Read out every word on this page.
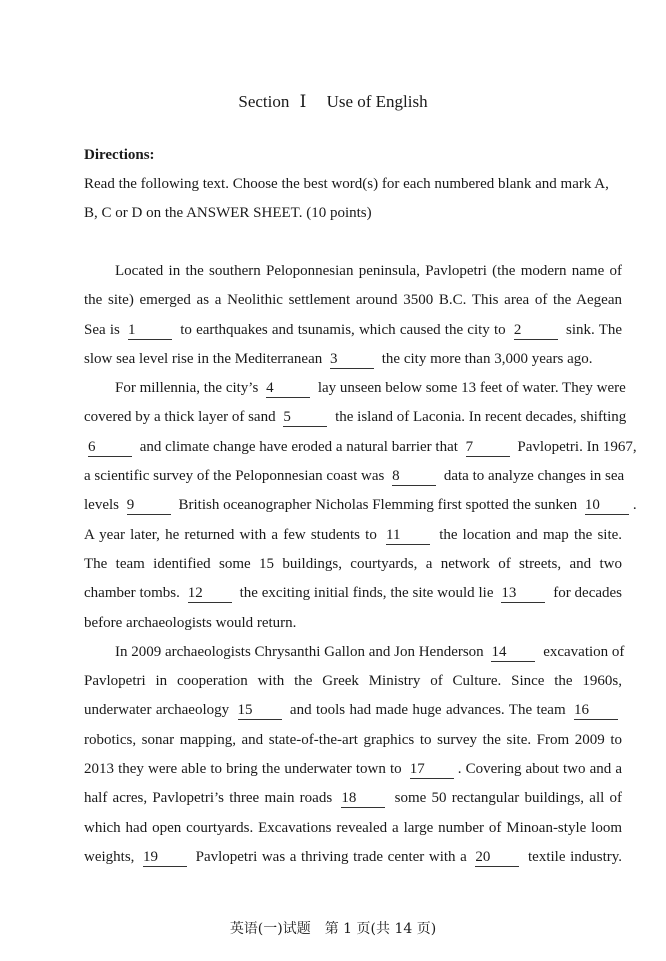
Section Ⅰ Use of English
Directions:
Read the following text. Choose the best word(s) for each numbered blank and mark A,
B, C or D on the ANSWER SHEET. (10 points)
Located in the southern Peloponnesian peninsula, Pavlopetri (the modern name of
the site) emerged as a Neolithic settlement around 3500 B.C. This area of the Aegean
Sea is 1	to earthquakes and tsunamis, which caused the city to 2	sink. The
slow sea level rise in the Mediterranean 3	the city more than 3,000 years ago.
For millennia, the city’s 4	lay unseen below some 13 feet of water. They were
covered by a thick layer of sand 5	the island of Laconia. In recent decades, shifting
6	and climate change have eroded a natural barrier that 7	Pavlopetri. In 1967,
a scientific survey of the Peloponnesian coast was 8	data to analyze changes in sea
levels 9	British oceanographer Nicholas Flemming first spotted the sunken 10 .
A year later, he returned with a few students to 11	the location and map the site.
The team identified some 15 buildings, courtyards, a network of streets, and two
chamber tombs. 12 the exciting initial finds, the site would lie 13 for decades
before archaeologists would return.
In 2009 archaeologists Chrysanthi Gallon and Jon Henderson 14 excavation of
Pavlopetri in cooperation with the Greek Ministry of Culture. Since the 1960s,
underwater archaeology 15 and tools had made huge advances. The team 16
robotics, sonar mapping, and state-of-the-art graphics to survey the site. From 2009 to
2013 they were able to bring the underwater town to 17 . Covering about two and a
half acres, Pavlopetri’s three main roads 18	some 50 rectangular buildings, all of
which had open courtyards. Excavations revealed a large number of Minoan-style loom
weights, 19	Pavlopetri was a thriving trade center with a 20	textile industry.
英语(一)试题　第 1 页(共 14 页)
